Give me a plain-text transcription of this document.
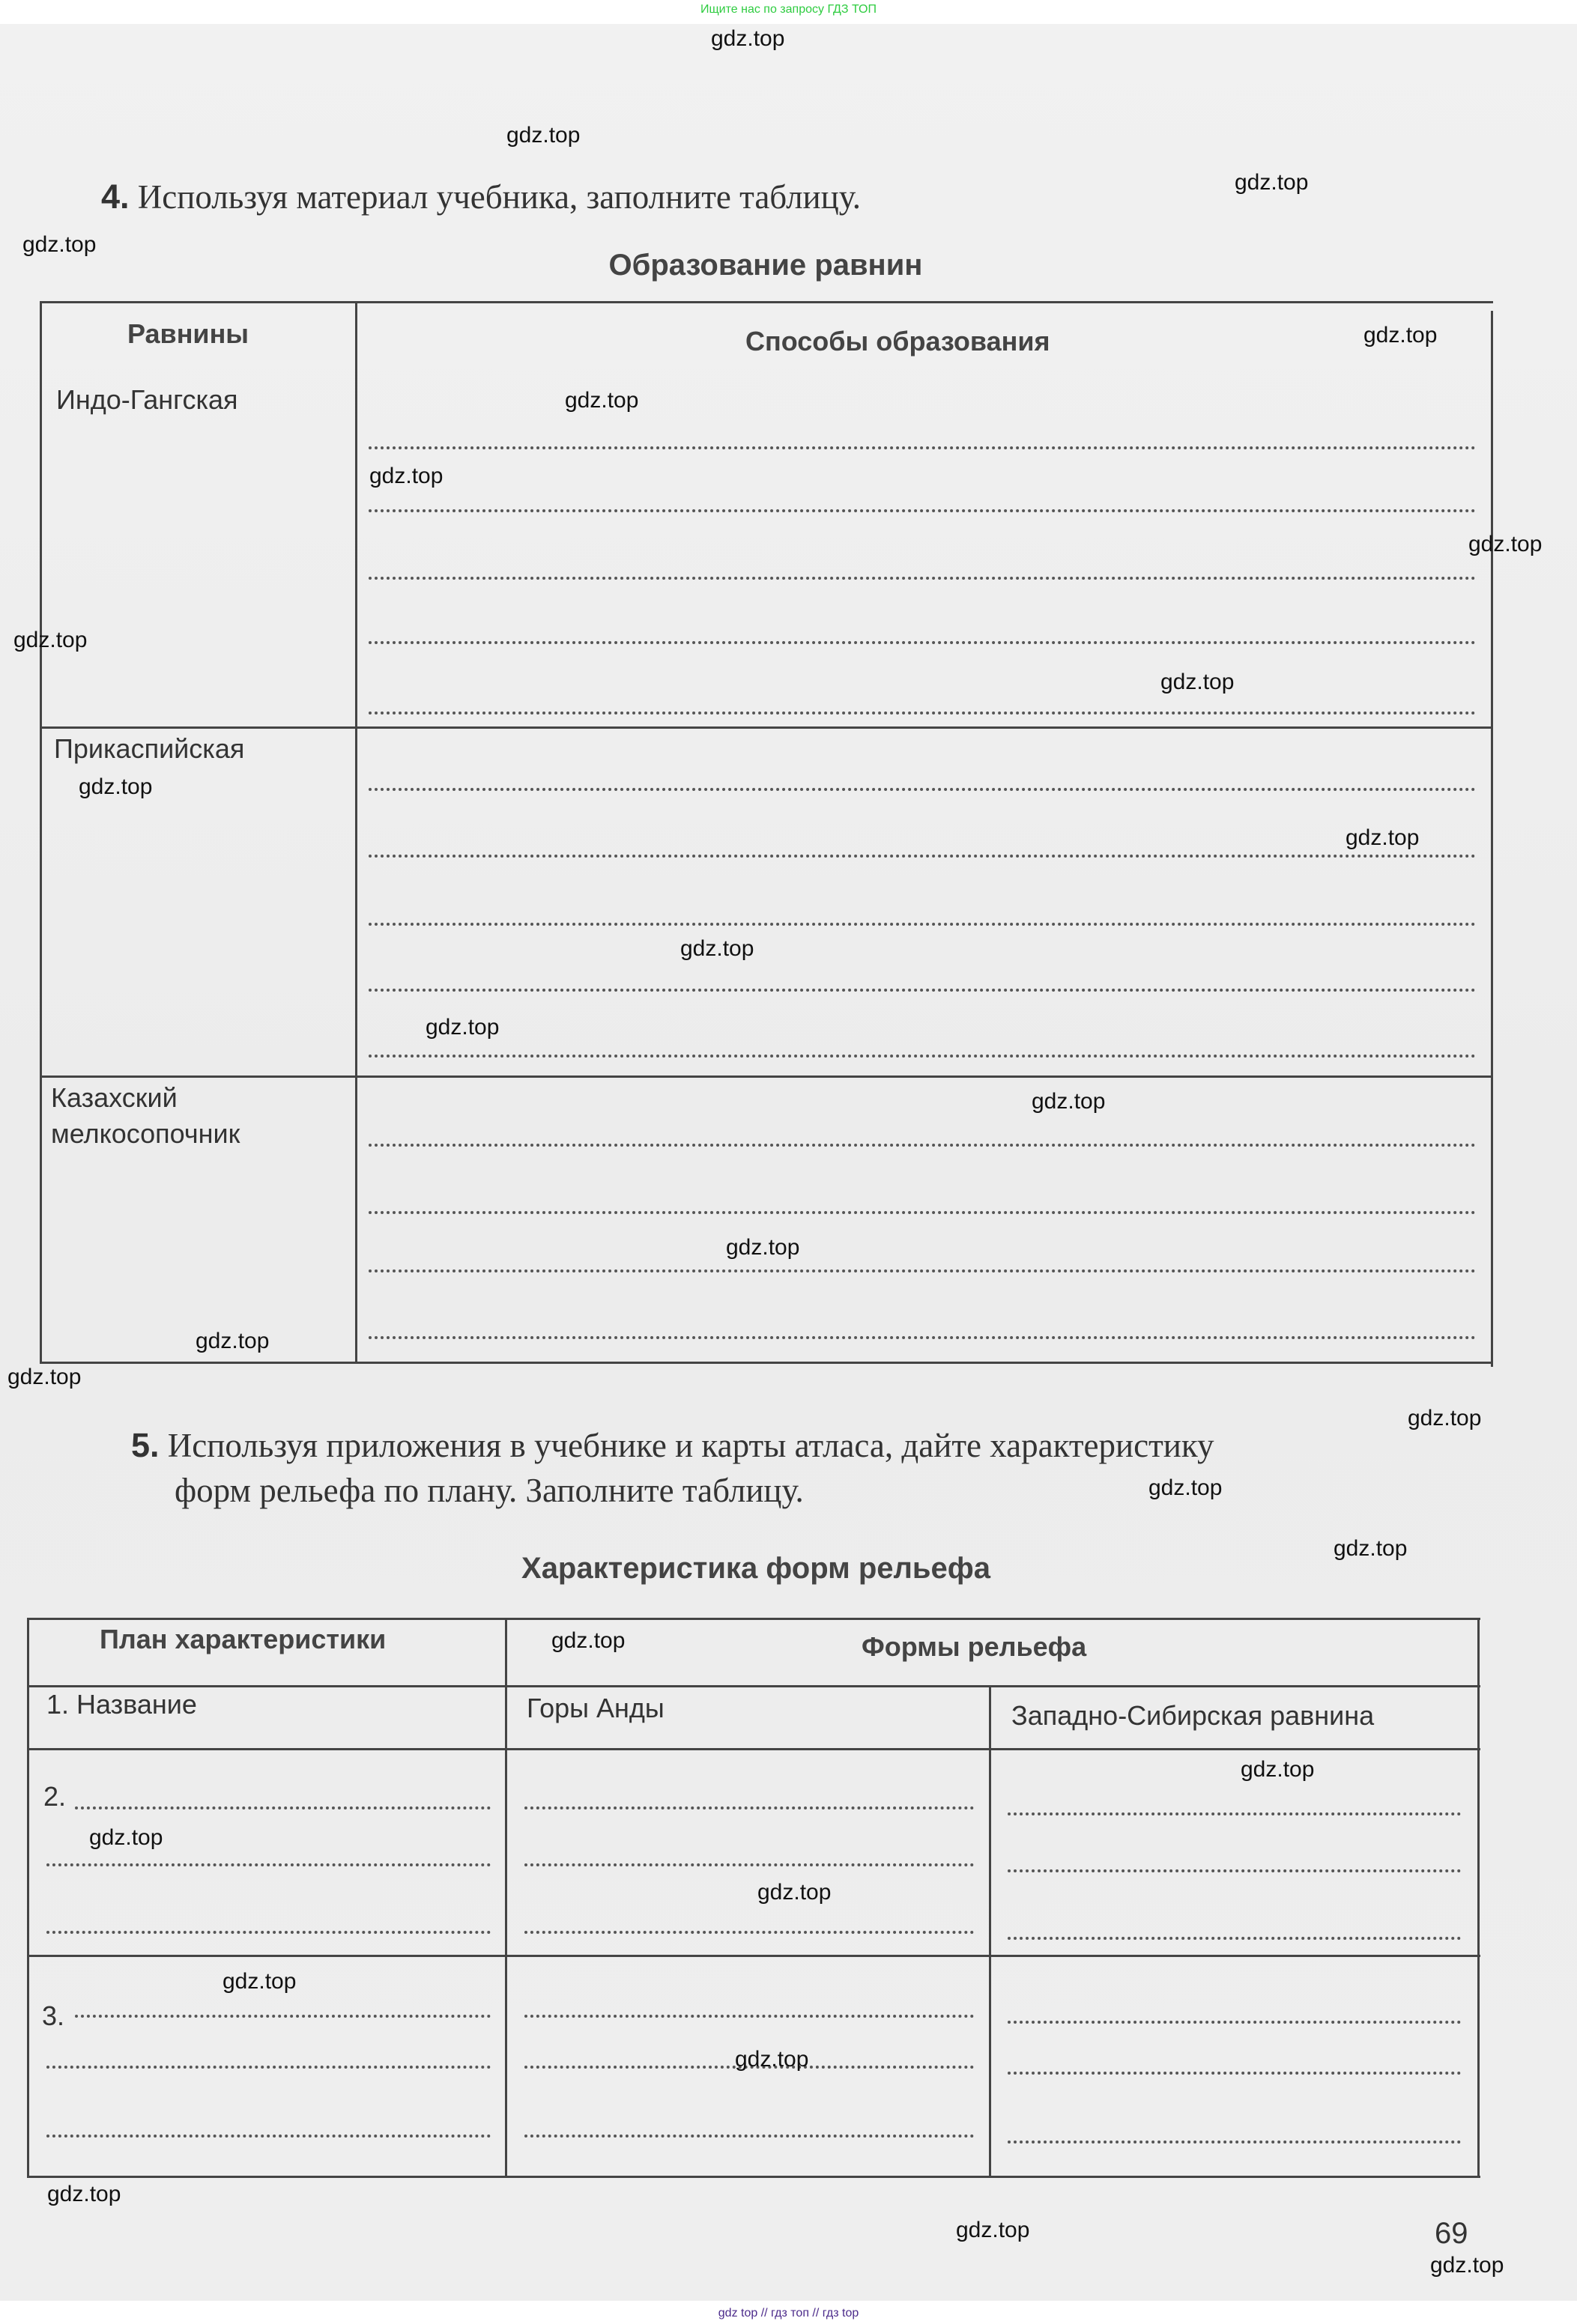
Ищите нас по запросу ГДЗ ТОП
4. Используя материал учебника, заполните таблицу.
Образование равнин
Равнины	Способы образования
Индо-Гангская
Прикаспийская
Казахский
мелкосопочник
5. Используя приложения в учебнике и карты атласа, дайте характеристику
форм рельефа по плану. Заполните таблицу.
Характеристика форм рельефа
План характеристики	Формы рельефа
1. Название	Горы Анды	Западно-Сибирская равнина
2.
3.
69
gdz.top
gdz.top
gdz.top
gdz.top
gdz.top
gdz.top
gdz.top
gdz.top
gdz.top
gdz.top
gdz.top
gdz.top
gdz.top
gdz.top
gdz.top
gdz.top
gdz.top
gdz.top
gdz.top
gdz.top
gdz.top
gdz.top
gdz.top
gdz.top
gdz.top
gdz.top
gdz.top
gdz.top
gdz.top
gdz.top
gdz top // гдз топ // гдз top
